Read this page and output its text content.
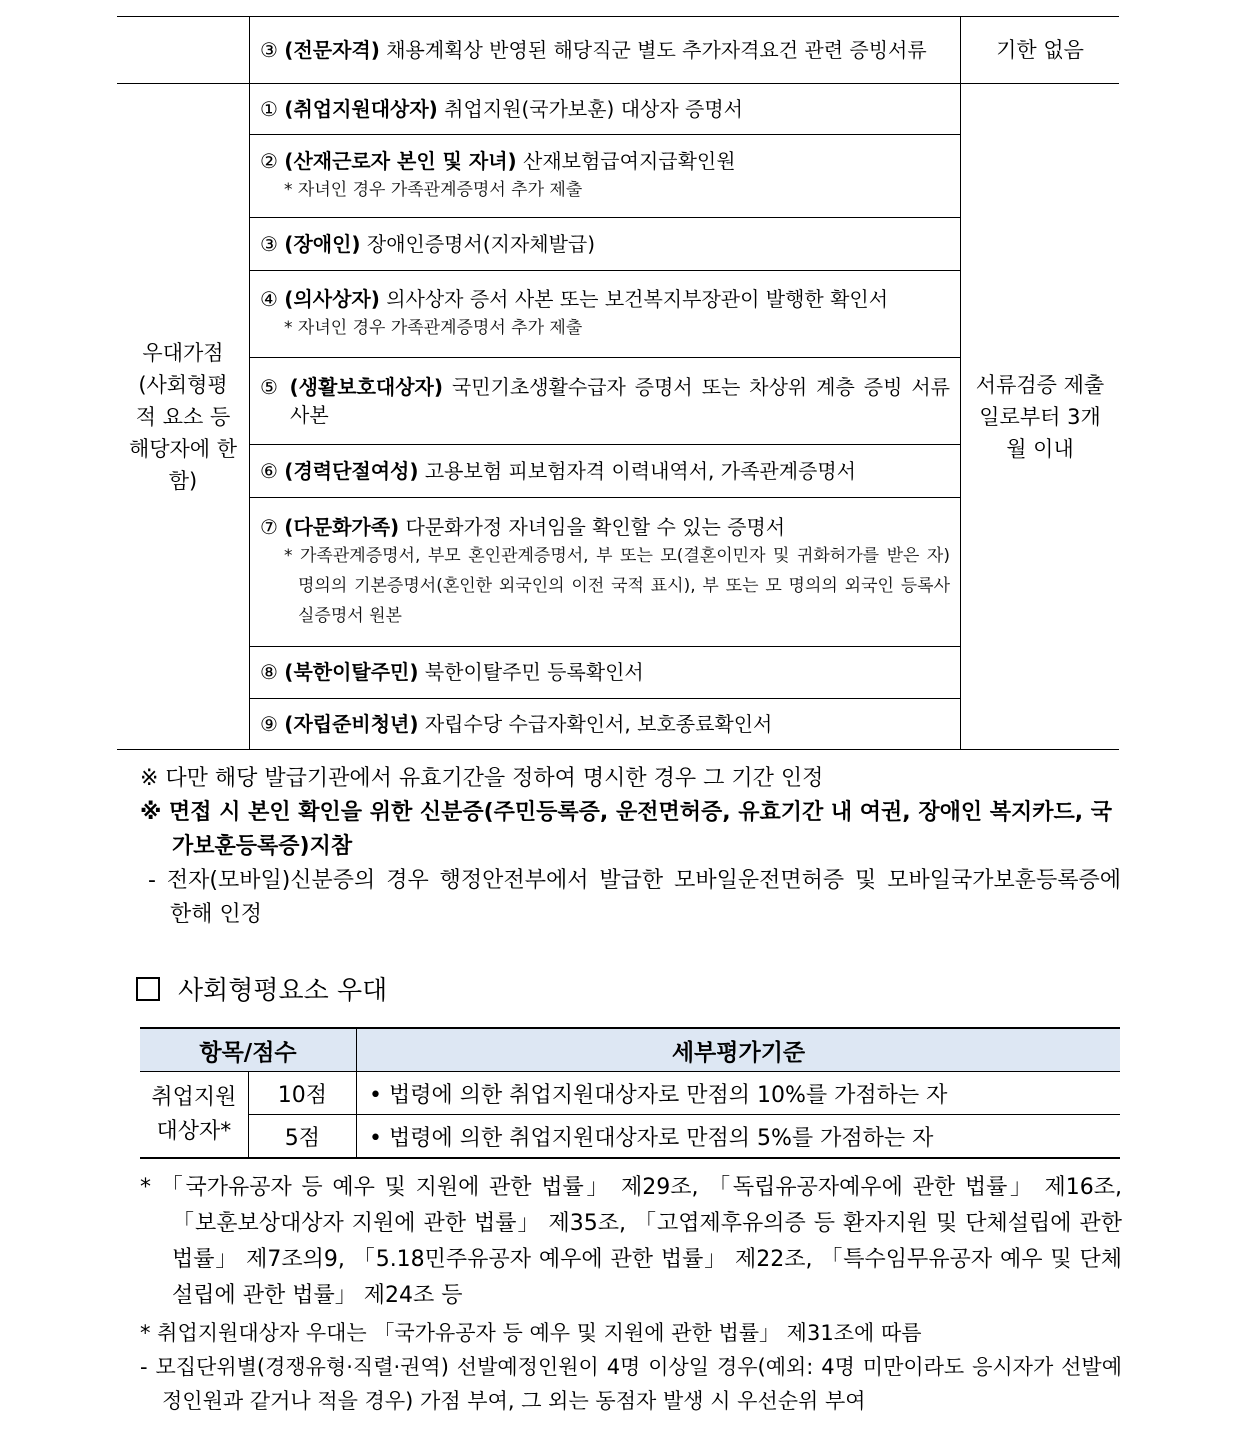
	③ (전문자격) 채용계획상 반영된 해당직군 별도 추가자격요건 관련 증빙서류	기한 없음

우대가점 (사회형평 적 요소 등 해당자에 한함)	① (취업지원대상자) 취업지원(국가보훈) 대상자 증명서	서류검증 제출일로부터 3개월 이내

	② (산재근로자 본인 및 자녀) 산재보험급여지급확인원
* 자녀인 경우 가족관계증명서 추가 제출	

	③ (장애인) 장애인증명서(지자체발급)	

	④ (의사상자) 의사상자 증서 사본 또는 보건복지부장관이 발행한 확인서
* 자녀인 경우 가족관계증명서 추가 제출	

	⑤ (생활보호대상자) 국민기초생활수급자 증명서 또는 차상위 계층 증빙 서류 사본	

	⑥ (경력단절여성) 고용보험 피보험자격 이력내역서, 가족관계증명서	

	⑦ (다문화가족) 다문화가정 자녀임을 확인할 수 있는 증명서
* 가족관계증명서, 부모 혼인관계증명서, 부 또는 모(결혼이민자 및 귀화허가를 받은 자) 명의의 기본증명서(혼인한 외국인의 이전 국적 표시), 부 또는 모 명의의 외국인 등록사실증명서 원본	

	⑧ (북한이탈주민) 북한이탈주민 등록확인서	

	⑨ (자립준비청년) 자립수당 수급자확인서, 보호종료확인서	
※ 다만 해당 발급기관에서 유효기간을 정하여 명시한 경우 그 기간 인정
※ 면접 시 본인 확인을 위한 신분증(주민등록증, 운전면허증, 유효기간 내 여권, 장애인 복지카드, 국가보훈등록증)지참
- 전자(모바일)신분증의 경우 행정안전부에서 발급한 모바일운전면허증 및 모바일국가보훈등록증에 한해 인정
사회형평요소 우대
항목/점수		세부평가기준
취업지원 대상자*	10점	• 법령에 의한 취업지원대상자로 만점의 10%를 가점하는 자
	5점	• 법령에 의한 취업지원대상자로 만점의 5%를 가점하는 자
* 「국가유공자 등 예우 및 지원에 관한 법률」 제29조, 「독립유공자예우에 관한 법률」 제16조, 「보훈보상대상자 지원에 관한 법률」 제35조, 「고엽제후유의증 등 환자지원 및 단체설립에 관한 법률」 제7조의9, 「5.18민주유공자 예우에 관한 법률」 제22조, 「특수임무유공자 예우 및 단체설립에 관한 법률」 제24조 등
* 취업지원대상자 우대는 「국가유공자 등 예우 및 지원에 관한 법률」 제31조에 따름
- 모집단위별(경쟁유형·직렬·권역) 선발예정인원이 4명 이상일 경우(예외: 4명 미만이라도 응시자가 선발예정인원과 같거나 적을 경우) 가점 부여, 그 외는 동점자 발생 시 우선순위 부여
